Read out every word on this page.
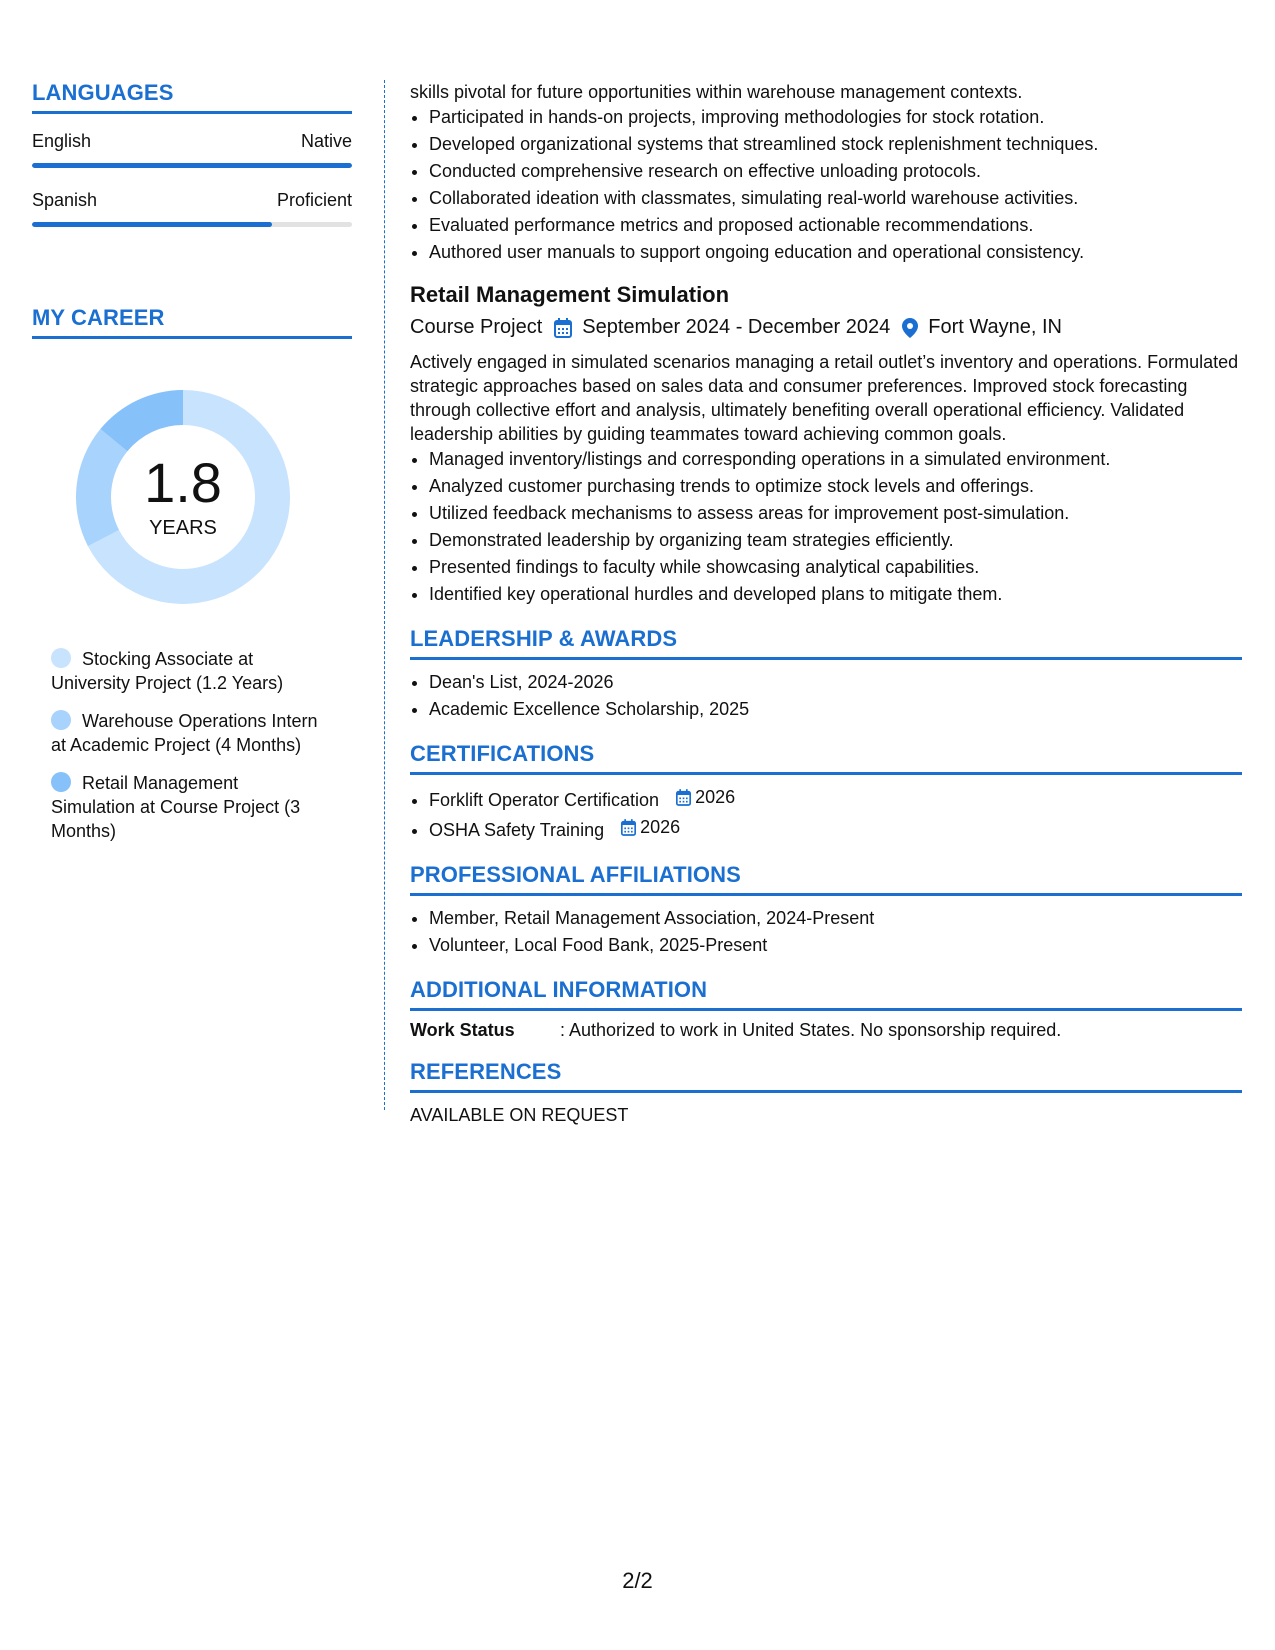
LANGUAGES
English	Native
Spanish	Proficient
MY CAREER
1.8
YEARS
Stocking Associate at University Project (1.2 Years)
Warehouse Operations Intern at Academic Project (4 Months)
Retail Management Simulation at Course Project (3 Months)
skills pivotal for future opportunities within warehouse management contexts.
• Participated in hands-on projects, improving methodologies for stock rotation.
• Developed organizational systems that streamlined stock replenishment techniques.
• Conducted comprehensive research on effective unloading protocols.
• Collaborated ideation with classmates, simulating real-world warehouse activities.
• Evaluated performance metrics and proposed actionable recommendations.
• Authored user manuals to support ongoing education and operational consistency.
Retail Management Simulation
Course Project September 2024 - December 2024 Fort Wayne, IN
Actively engaged in simulated scenarios managing a retail outlet’s inventory and operations. Formulated strategic approaches based on sales data and consumer preferences. Improved stock forecasting through collective effort and analysis, ultimately benefiting overall operational efficiency. Validated leadership abilities by guiding teammates toward achieving common goals.
• Managed inventory/listings and corresponding operations in a simulated environment.
• Analyzed customer purchasing trends to optimize stock levels and offerings.
• Utilized feedback mechanisms to assess areas for improvement post-simulation.
• Demonstrated leadership by organizing team strategies efficiently.
• Presented findings to faculty while showcasing analytical capabilities.
• Identified key operational hurdles and developed plans to mitigate them.
LEADERSHIP & AWARDS
• Dean's List, 2024-2026
• Academic Excellence Scholarship, 2025
CERTIFICATIONS
• Forklift Operator Certification 2026
• OSHA Safety Training 2026
PROFESSIONAL AFFILIATIONS
• Member, Retail Management Association, 2024-Present
• Volunteer, Local Food Bank, 2025-Present
ADDITIONAL INFORMATION
Work Status	: Authorized to work in United States. No sponsorship required.
REFERENCES
AVAILABLE ON REQUEST
2/2
